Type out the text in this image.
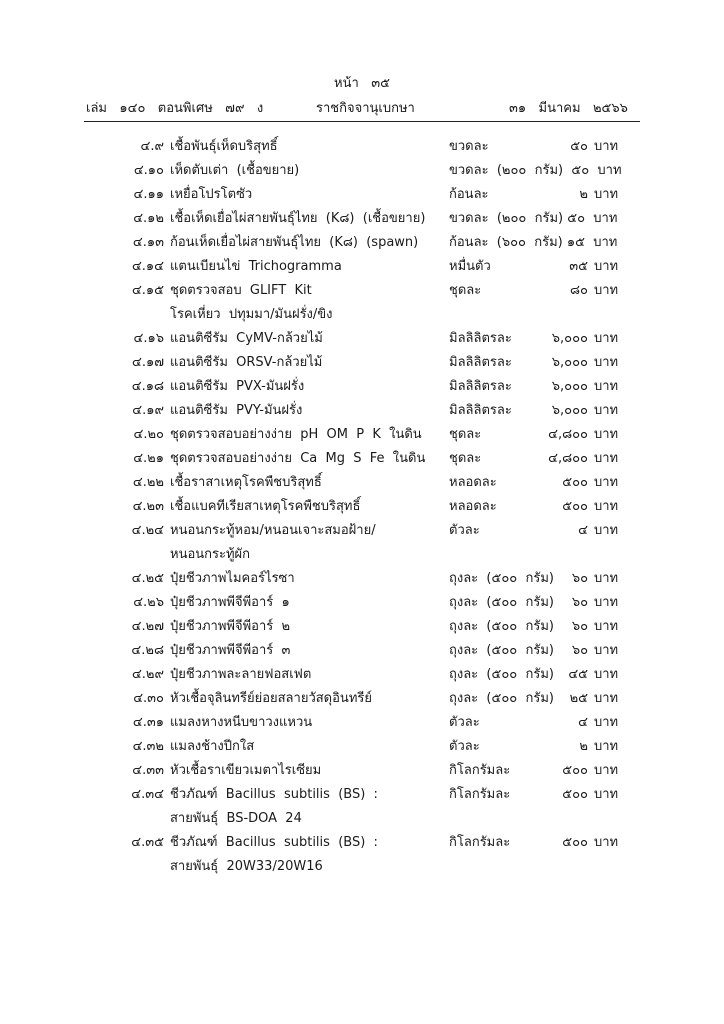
หน้า   ๓๕
เล่ม   ๑๔๐   ตอนพิเศษ   ๗๙   ง	ราชกิจจานุเบกษา	๓๑   มีนาคม   ๒๕๖๖
๔.๙ เชื้อพันธุ์เห็ดบริสุทธิ์	ขวดละ	๕๐ บาท
๔.๑๐ เห็ดตับเต่า  (เชื้อขยาย)	ขวดละ  (๒๐๐  กรัม)  ๕๐  บาท
๔.๑๑ เหยื่อโปรโตซัว	ก้อนละ	๒ บาท
๔.๑๒ เชื้อเห็ดเยื่อไผ่สายพันธุ์ไทย  (K๘)  (เชื้อขยาย)	ขวดละ  (๒๐๐  กรัม) ๕๐  บาท
๔.๑๓ ก้อนเห็ดเยื่อไผ่สายพันธุ์ไทย  (K๘)  (spawn)	ก้อนละ  (๖๐๐  กรัม) ๑๕  บาท
๔.๑๔ แตนเบียนไข่  Trichogramma	หมื่นตัว	๓๕ บาท
๔.๑๕ ชุดตรวจสอบ  GLIFT  Kit
โรคเหี่ยว  ปทุมมา/มันฝรั่ง/ขิง
ชุดละ	๘๐ บาท
๔.๑๖ แอนติซีรัม  CyMV-กล้วยไม้	มิลลิลิตรละ	๖,๐๐๐ บาท
๔.๑๗ แอนติซีรัม  ORSV-กล้วยไม้	มิลลิลิตรละ	๖,๐๐๐ บาท
๔.๑๘ แอนติซีรัม  PVX-มันฝรั่ง	มิลลิลิตรละ	๖,๐๐๐ บาท
๔.๑๙ แอนติซีรัม  PVY-มันฝรั่ง	มิลลิลิตรละ	๖,๐๐๐ บาท
๔.๒๐ ชุดตรวจสอบอย่างง่าย  pH  OM  P  K  ในดิน	ชุดละ	๔,๘๐๐ บาท
๔.๒๑ ชุดตรวจสอบอย่างง่าย  Ca  Mg  S  Fe  ในดิน	ชุดละ	๔,๘๐๐ บาท
๔.๒๒ เชื้อราสาเหตุโรคพืชบริสุทธิ์	หลอดละ	๕๐๐ บาท
๔.๒๓ เชื้อแบคทีเรียสาเหตุโรคพืชบริสุทธิ์	หลอดละ	๕๐๐ บาท
๔.๒๔ หนอนกระทู้หอม/หนอนเจาะสมอฝ้าย/
หนอนกระทู้ผัก
ตัวละ	๔ บาท
๔.๒๕ ปุ๋ยชีวภาพไมคอร์ไรซา	ถุงละ  (๕๐๐  กรัม)	๖๐ บาท
๔.๒๖ ปุ๋ยชีวภาพพีจีพีอาร์  ๑	ถุงละ  (๕๐๐  กรัม)	๖๐ บาท
๔.๒๗ ปุ๋ยชีวภาพพีจีพีอาร์  ๒	ถุงละ  (๕๐๐  กรัม)	๖๐ บาท
๔.๒๘ ปุ๋ยชีวภาพพีจีพีอาร์  ๓	ถุงละ  (๕๐๐  กรัม)	๖๐ บาท
๔.๒๙ ปุ๋ยชีวภาพละลายฟอสเฟต	ถุงละ  (๕๐๐  กรัม)	๔๕ บาท
๔.๓๐ หัวเชื้อจุลินทรีย์ย่อยสลายวัสดุอินทรีย์	ถุงละ  (๕๐๐  กรัม)	๒๕ บาท
๔.๓๑ แมลงหางหนีบขาวงแหวน	ตัวละ	๔ บาท
๔.๓๒ แมลงช้างปีกใส	ตัวละ	๒ บาท
๔.๓๓ หัวเชื้อราเขียวเมตาไรเซียม	กิโลกรัมละ	๕๐๐ บาท
๔.๓๔ ชีวภัณฑ์  Bacillus  subtilis  (BS)  :
สายพันธุ์  BS-DOA  24
กิโลกรัมละ	๕๐๐ บาท
๔.๓๕ ชีวภัณฑ์  Bacillus  subtilis  (BS)  :
สายพันธุ์  20W33/20W16
กิโลกรัมละ	๕๐๐ บาท
